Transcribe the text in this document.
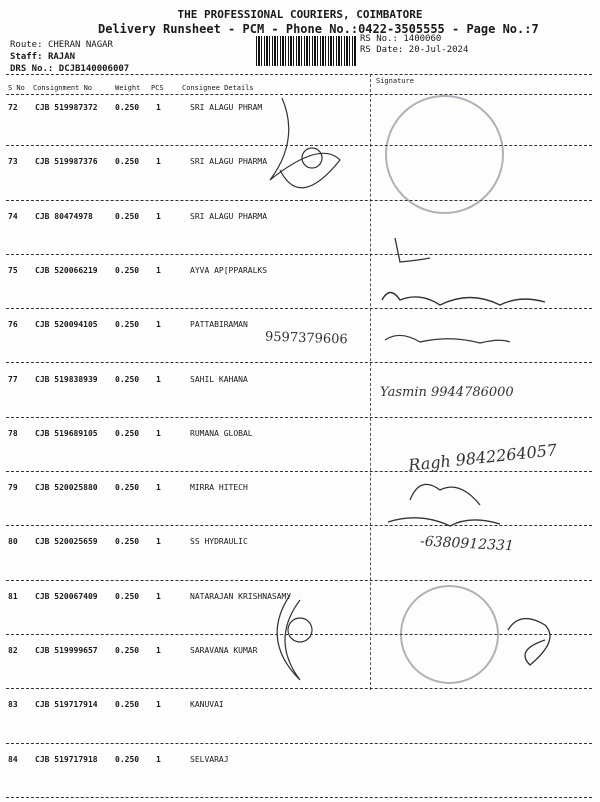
THE PROFESSIONAL COURIERS, COIMBATORE
Delivery Runsheet - PCM - Phone No.:0422-3505555 - Page No.:7
Route: CHERAN NAGAR
Staff: RAJAN
DRS No.: DCJB140006007
RS No.: 1400060
RS Date: 20-Jul-2024
S No Consignment No	Weight PCS	Consignee Details
Signature
72 CJB 519987372 0.250 1	SRI ALAGU PHRAM
73 CJB 519987376 0.250 1	SRI ALAGU PHARMA
74 CJB 80474978	0.250 1	SRI ALAGU PHARMA
75 CJB 520066219 0.250 1	AYVA AP[PPARALKS
76 CJB 520094105 0.250 1	PATTABIRAMAN
77 CJB 519838939 0.250 1	SAHIL KAHANA
78 CJB 519689105 0.250 1	RUMANA GLOBAL
79 CJB 520025880 0.250 1	MIRRA HITECH
80 CJB 520025659 0.250 1	SS HYDRAULIC
81 CJB 520067409 0.250 1	NATARAJAN KRISHNASAMY
82 CJB 519999657 0.250 1	SARAVANA KUMAR
83 CJB 519717914 0.250 1	KANUVAI
84 CJB 519717918 0.250 1	SELVARAJ
9597379606
Yasmin 9944786000
Ragh 9842264057
-6380912331
